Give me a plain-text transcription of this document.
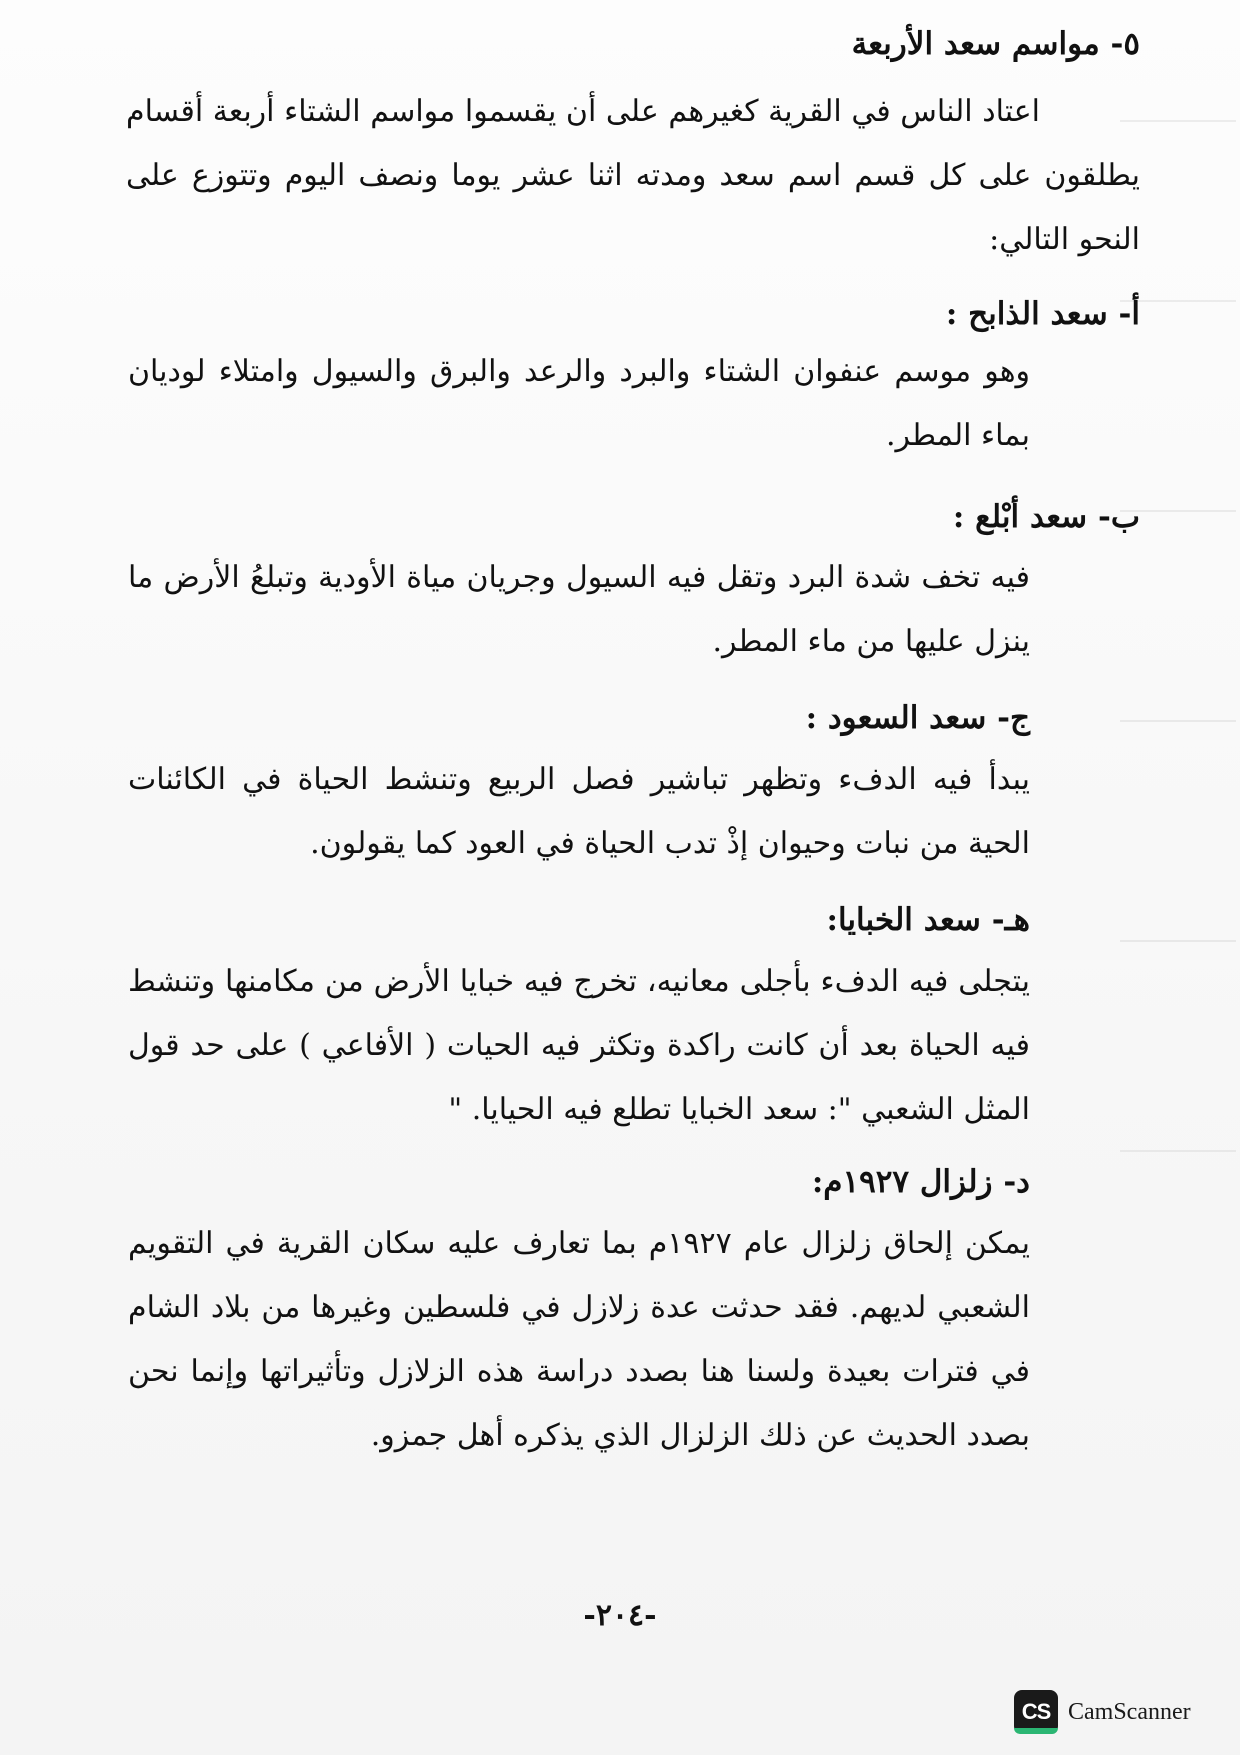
٥- مواسم سعد الأربعة

اعتاد الناس في القرية كغيرهم على أن يقسموا مواسم الشتاء أربعة أقسام يطلقون على كل قسم اسم سعد ومدته اثنا عشر يوما ونصف اليوم وتتوزع على النحو التالي:

أ- سعد الذابح :

وهو موسم عنفوان الشتاء والبرد والرعد والبرق والسيول وامتلاء لوديان بماء المطر.

ب- سعد أبْلع :

فيه تخف شدة البرد وتقل فيه السيول وجريان مياة الأودية وتبلعُ الأرض ما ينزل عليها من ماء المطر.

ج- سعد السعود :

يبدأ فيه الدفء وتظهر تباشير فصل الربيع وتنشط الحياة في الكائنات الحية من نبات وحيوان إذْ تدب الحياة في العود كما يقولون.

هـ- سعد الخبايا:

يتجلى فيه الدفء بأجلى معانيه، تخرج فيه خبايا الأرض من مكامنها وتنشط فيه الحياة بعد أن كانت راكدة وتكثر فيه الحيات ( الأفاعي ) على حد قول المثل الشعبي ": سعد الخبايا تطلع فيه الحيايا. "

د- زلزال ١٩٢٧م:

يمكن إلحاق زلزال عام ١٩٢٧م بما تعارف عليه سكان القرية في التقويم الشعبي لديهم. فقد حدثت عدة زلازل في فلسطين وغيرها من بلاد الشام في فترات بعيدة ولسنا هنا بصدد دراسة هذه الزلازل وتأثيراتها وإنما نحن بصدد الحديث عن ذلك الزلزال الذي يذكره أهل جمزو.

-٢٠٤-
CS CamScanner
